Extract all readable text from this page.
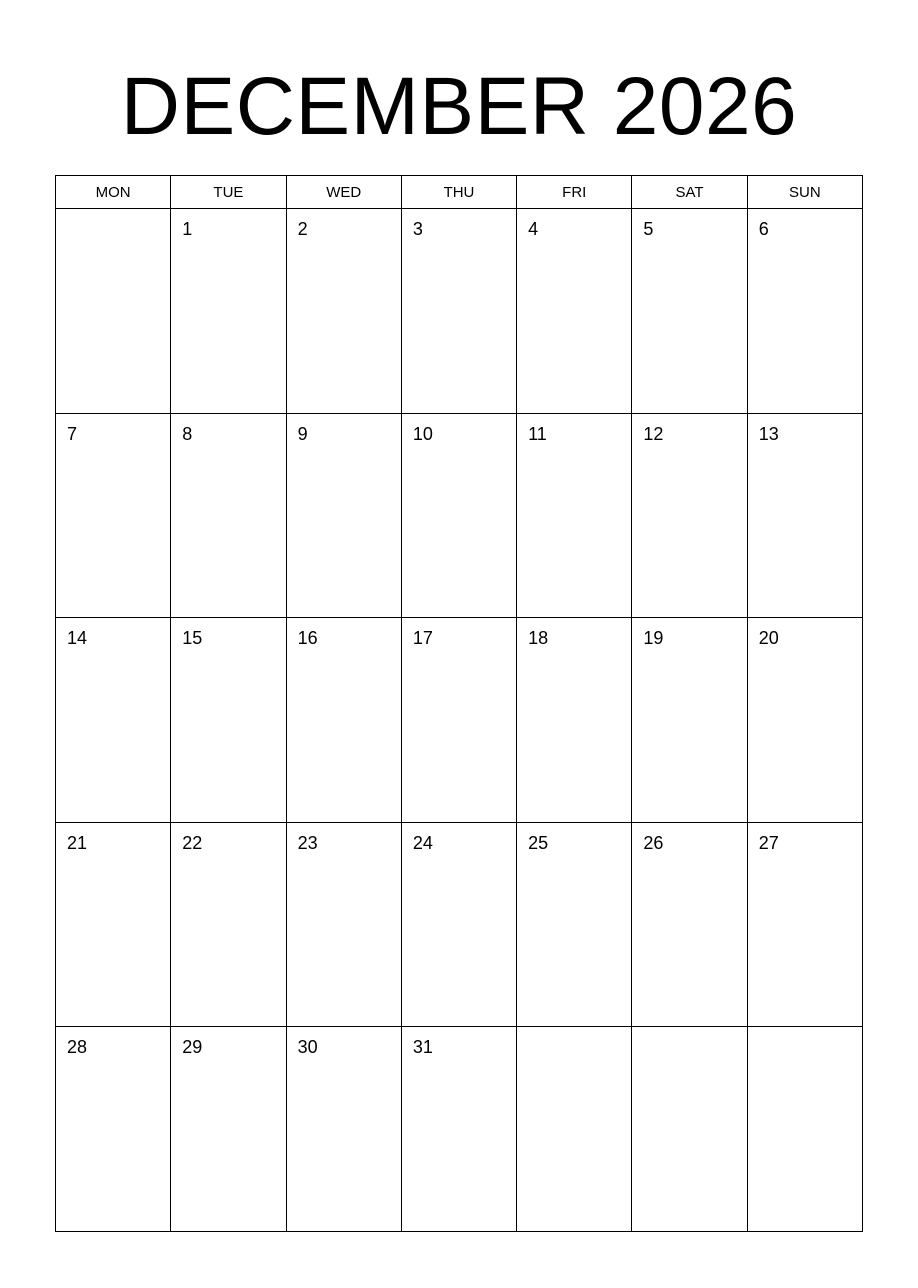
DECEMBER 2026
MON	TUE	WED	THU	FRI	SAT	SUN

	1	2	3	4	5	6

7	8	9	10	11	12	13

14	15	16	17	18	19	20

21	22	23	24	25	26	27

28	29	30	31			
